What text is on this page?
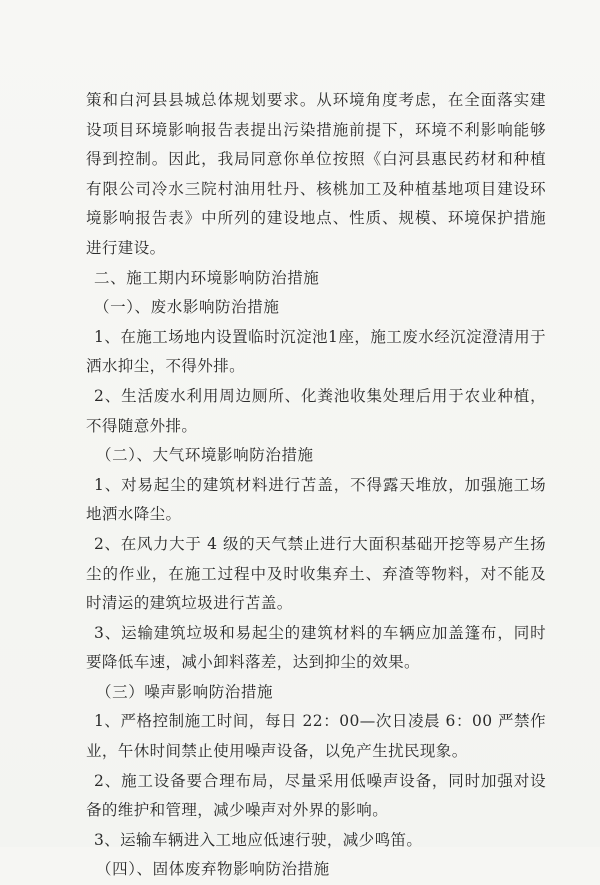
策和白河县县城总体规划要求。从环境角度考虑，在全面落实建设项目环境影响报告表提出污染措施前提下，环境不利影响能够得到控制。因此，我局同意你单位按照《白河县惠民药材和种植有限公司冷水三院村油用牡丹、核桃加工及种植基地项目建设环境影响报告表》中所列的建设地点、性质、规模、环境保护措施进行建设。

二、施工期内环境影响防治措施

（一）、废水影响防治措施

1、在施工场地内设置临时沉淀池1座，施工废水经沉淀澄清用于洒水抑尘，不得外排。

2、生活废水利用周边厕所、化粪池收集处理后用于农业种植，不得随意外排。

（二）、大气环境影响防治措施

1、对易起尘的建筑材料进行苫盖，不得露天堆放，加强施工场地洒水降尘。

2、在风力大于 4 级的天气禁止进行大面积基础开挖等易产生扬尘的作业，在施工过程中及时收集弃土、弃渣等物料，对不能及时清运的建筑垃圾进行苫盖。

3、运输建筑垃圾和易起尘的建筑材料的车辆应加盖篷布，同时要降低车速，减小卸料落差，达到抑尘的效果。

（三）噪声影响防治措施

1、严格控制施工时间，每日 22：00—次日凌晨 6：00 严禁作业，午休时间禁止使用噪声设备，以免产生扰民现象。

2、施工设备要合理布局，尽量采用低噪声设备，同时加强对设备的维护和管理，减少噪声对外界的影响。

3、运输车辆进入工地应低速行驶，减少鸣笛。

（四）、固体废弃物影响防治措施
